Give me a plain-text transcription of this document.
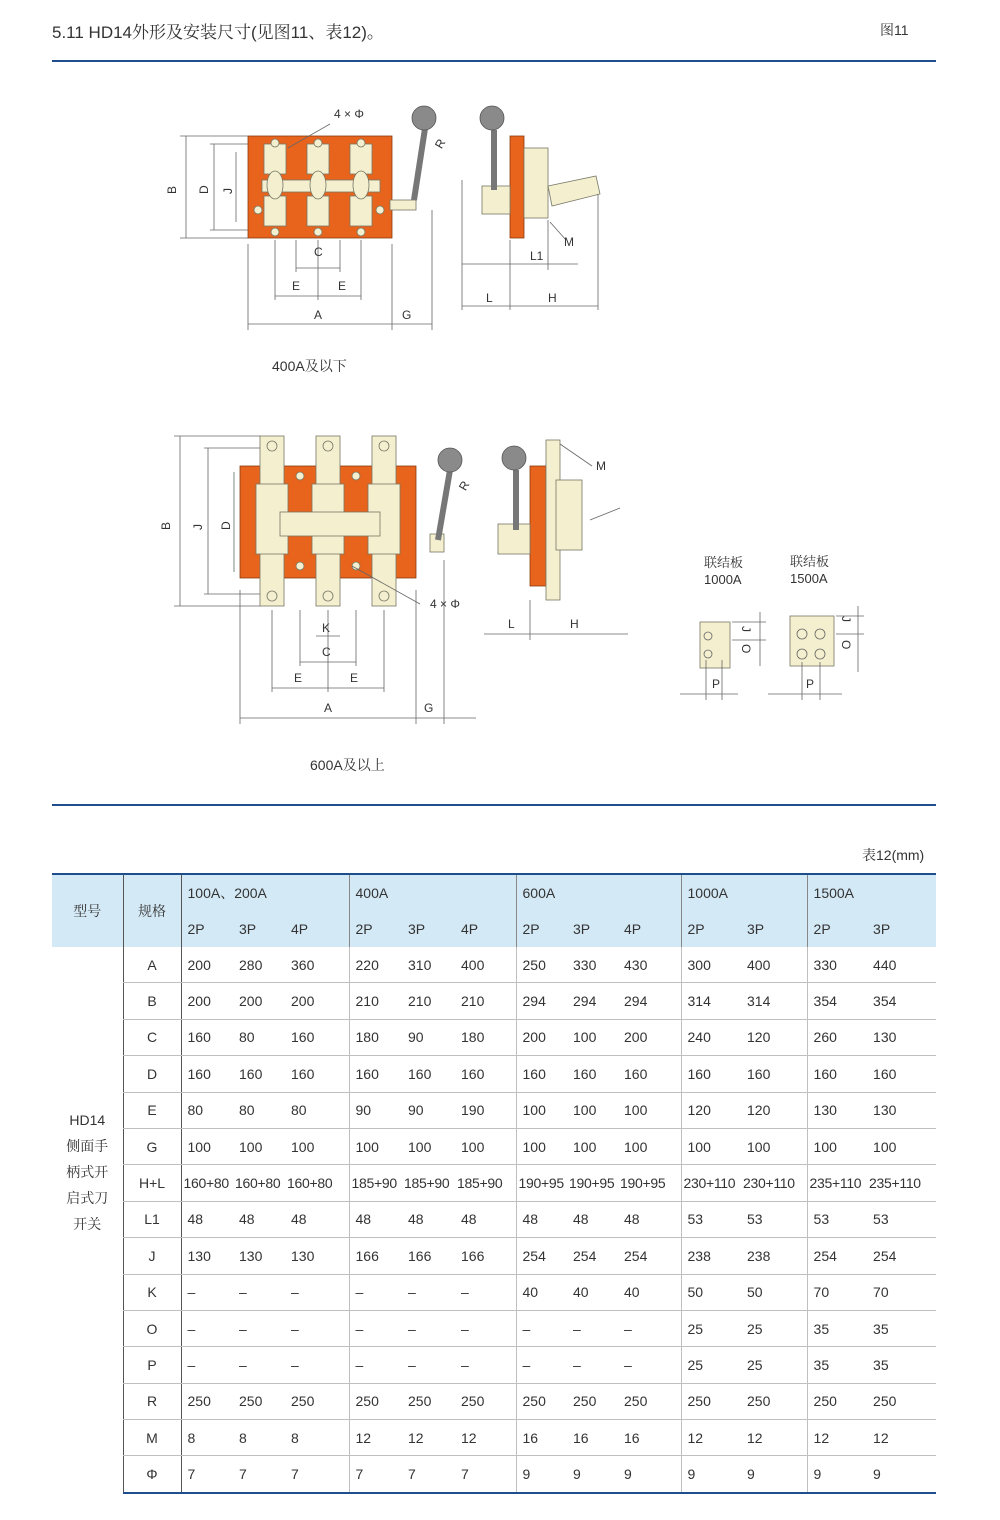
5.11 HD14外形及安装尺寸(见图11、表12)。	图11
4 × Φ
B D J
C
E	E
A	G
R
L1
M
L	H
B J D
4 × Φ
K
C
E	E
A	G
R
M
L	H
联结板
1000A
联结板
1500A
P	P
J
O
J
O
400A及以下
600A及以上
表12(mm)
型号	规格	100A、200A			400A			600A			1000A		1500A	
		2P	3P	4P	2P	3P	4P	2P	3P	4P	2P	3P	2P	3P

HD14
侧面手
柄式开
启式刀
开关	A	200	280	360	220	310	400	250	330	430	300	400	330	440
	B	200	200	200	210	210	210	294	294	294	314	314	354	354
	C	160	80	160	180	90	180	200	100	200	240	120	260	130
	D	160	160	160	160	160	160	160	160	160	160	160	160	160
	E	80	80	80	90	90	190	100	100	100	120	120	130	130
	G	100	100	100	100	100	100	100	100	100	100	100	100	100
	H+L	160+80	160+80	160+80	185+90	185+90	185+90	190+95	190+95	190+95	230+110	230+110	235+110	235+110
	L1	48	48	48	48	48	48	48	48	48	53	53	53	53
	J	130	130	130	166	166	166	254	254	254	238	238	254	254
	K	–	–	–	–	–	–	40	40	40	50	50	70	70
	O	–	–	–	–	–	–	–	–	–	25	25	35	35
	P	–	–	–	–	–	–	–	–	–	25	25	35	35
	R	250	250	250	250	250	250	250	250	250	250	250	250	250
	M	8	8	8	12	12	12	16	16	16	12	12	12	12
	Φ	7	7	7	7	7	7	9	9	9	9	9	9	9
